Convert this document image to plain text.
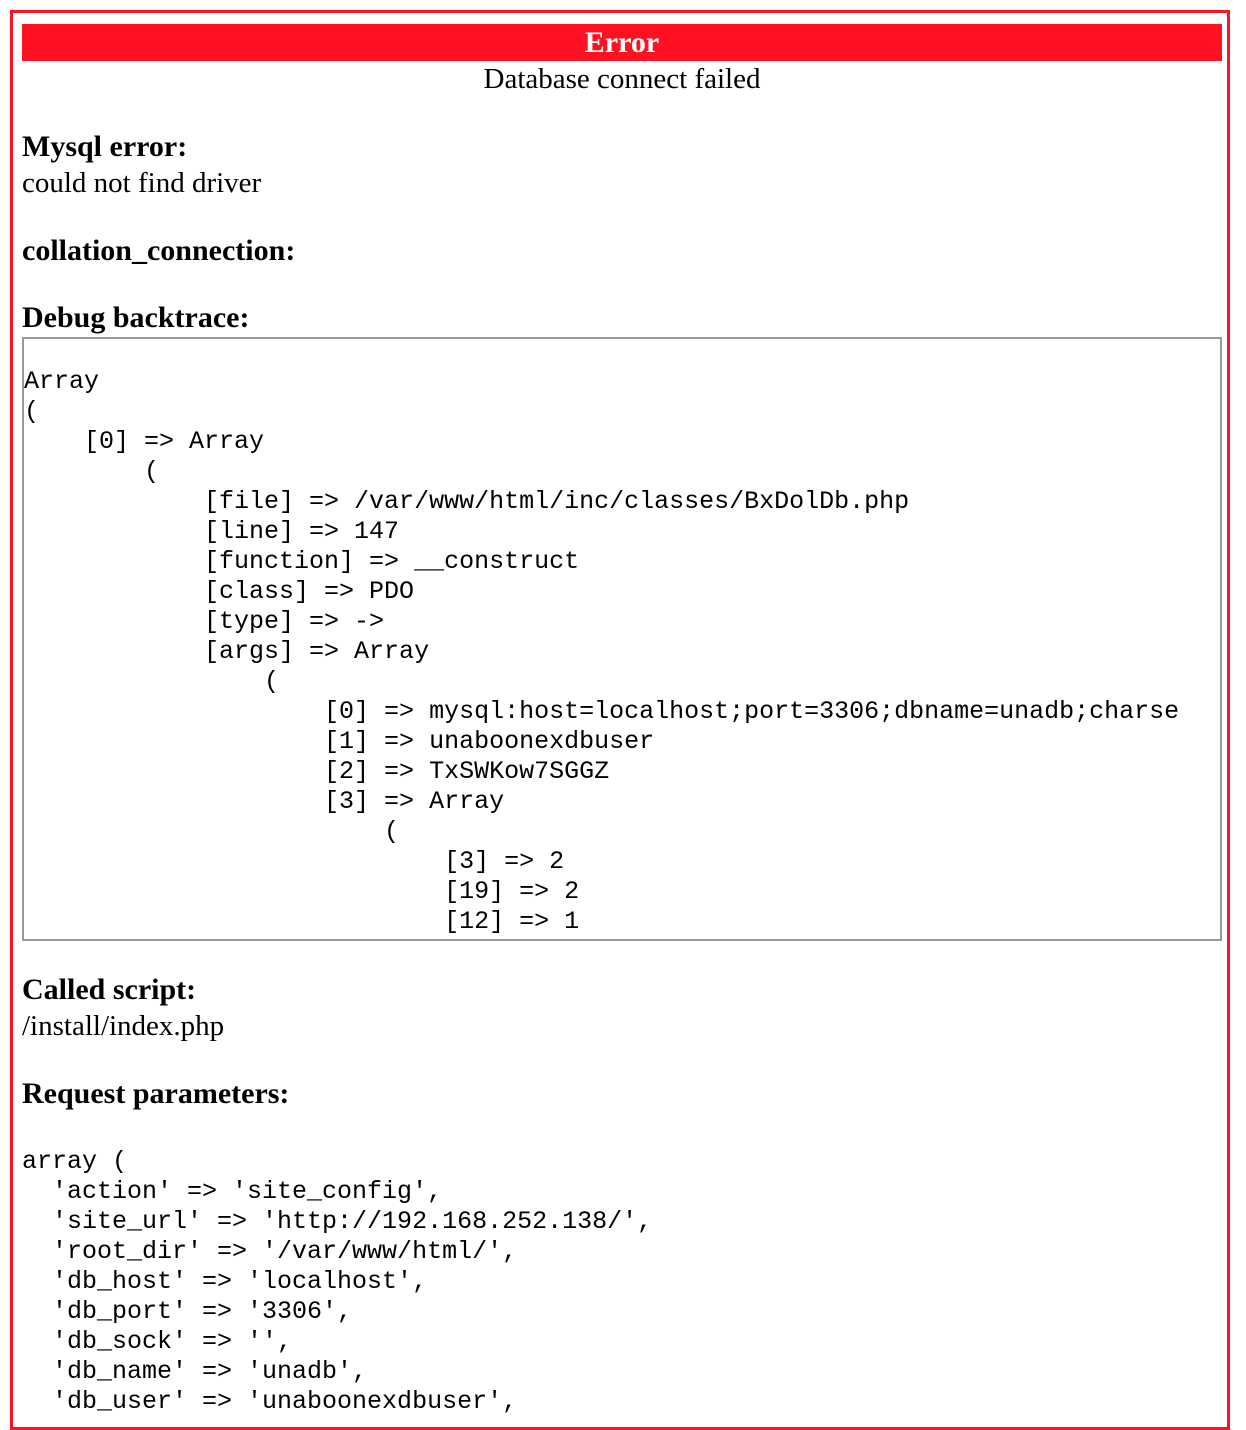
Error
Database connect failed
Mysql error:
could not find driver
collation_connection:
Debug backtrace:
Array
(
[0] => Array
(
[file] => /var/www/html/inc/classes/BxDolDb.php
[line] => 147
[function] => __construct
[class] => PDO
[type] => ->
[args] => Array
(
[0] => mysql:host=localhost;port=3306;dbname=unadb;charse
[1] => unaboonexdbuser
[2] => TxSWKow7SGGZ
[3] => Array
(
[3] => 2
[19] => 2
[12] => 1
Called script:
/install/index.php
Request parameters:
array (
'action' => 'site_config',
'site_url' => 'http://192.168.252.138/',
'root_dir' => '/var/www/html/',
'db_host' => 'localhost',
'db_port' => '3306',
'db_sock' => '',
'db_name' => 'unadb',
'db_user' => 'unaboonexdbuser',
